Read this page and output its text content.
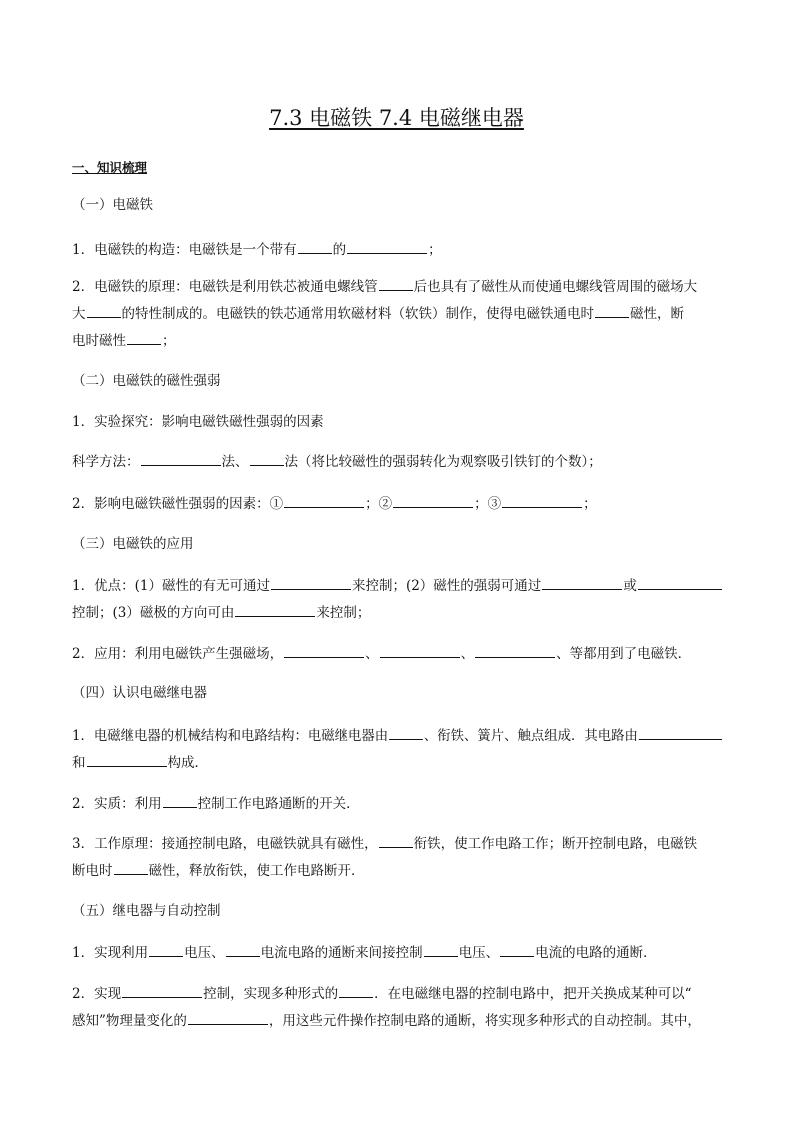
7.3 电磁铁 7.4 电磁继电器
一、知识梳理
（一）电磁铁
1．电磁铁的构造：电磁铁是一个带有	的	；
2．电磁铁的原理：电磁铁是利用铁芯被通电螺线管	后也具有了磁性从而使通电螺线管周围的磁场大
大	的特性制成的。电磁铁的铁芯通常用软磁材料（软铁）制作，使得电磁铁通电时	磁性，断
电时磁性	；
（二）电磁铁的磁性强弱
1．实验探究：影响电磁铁磁性强弱的因素
科学方法：	法、	法（将比较磁性的强弱转化为观察吸引铁钉的个数）；
2．影响电磁铁磁性强弱的因素：①	；②	；③	；
（三）电磁铁的应用
1．优点：(1）磁性的有无可通过	来控制；(2）磁性的强弱可通过	或
控制；(3）磁极的方向可由	来控制；
2．应用：利用电磁铁产生强磁场，	、	、	、等都用到了电磁铁．
（四）认识电磁继电器
1．电磁继电器的机械结构和电路结构：电磁继电器由	、衔铁、簧片、触点组成．其电路由
和	构成．
2．实质：利用	控制工作电路通断的开关．
3．工作原理：接通控制电路，电磁铁就具有磁性，	衔铁，使工作电路工作；断开控制电路，电磁铁
断电时	磁性，释放衔铁，使工作电路断开．
（五）继电器与自动控制
1．实现利用	电压、	电流电路的通断来间接控制	电压、	电流的电路的通断．
2．实现	控制，实现多种形式的	．在电磁继电器的控制电路中，把开关换成某种可以“
感知”物理量变化的	，用这些元件操作控制电路的通断，将实现多种形式的自动控制。其中，
